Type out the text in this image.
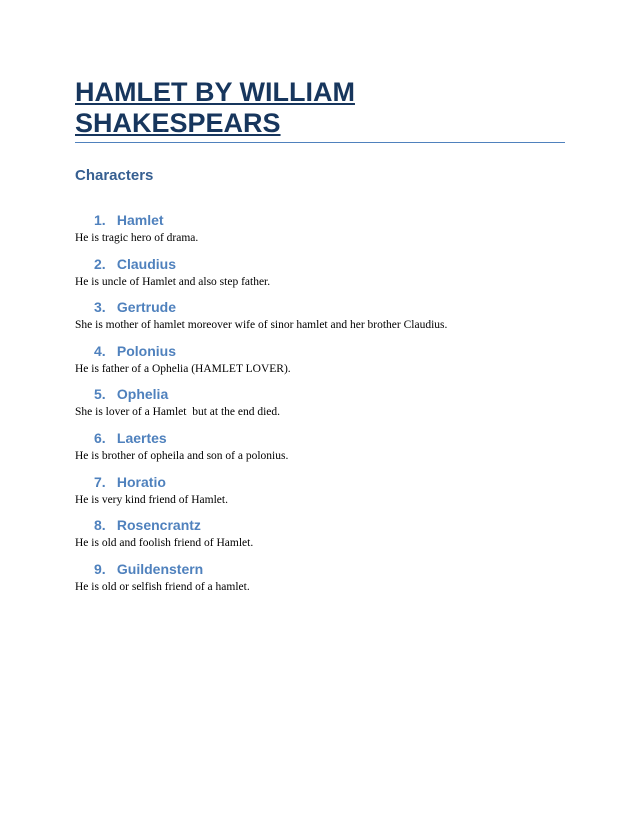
HAMLET BY WILLIAM
SHAKESPEARS
Characters
1. Hamlet
He is tragic hero of drama.
2. Claudius
He is uncle of Hamlet and also step father.
3. Gertrude
She is mother of hamlet moreover wife of sinor hamlet and her brother Claudius.
4. Polonius
He is father of a Ophelia (HAMLET LOVER).
5. Ophelia
She is lover of a Hamlet  but at the end died.
6. Laertes
He is brother of opheila and son of a polonius.
7. Horatio
He is very kind friend of Hamlet.
8. Rosencrantz
He is old and foolish friend of Hamlet.
9. Guildenstern
He is old or selfish friend of a hamlet.
